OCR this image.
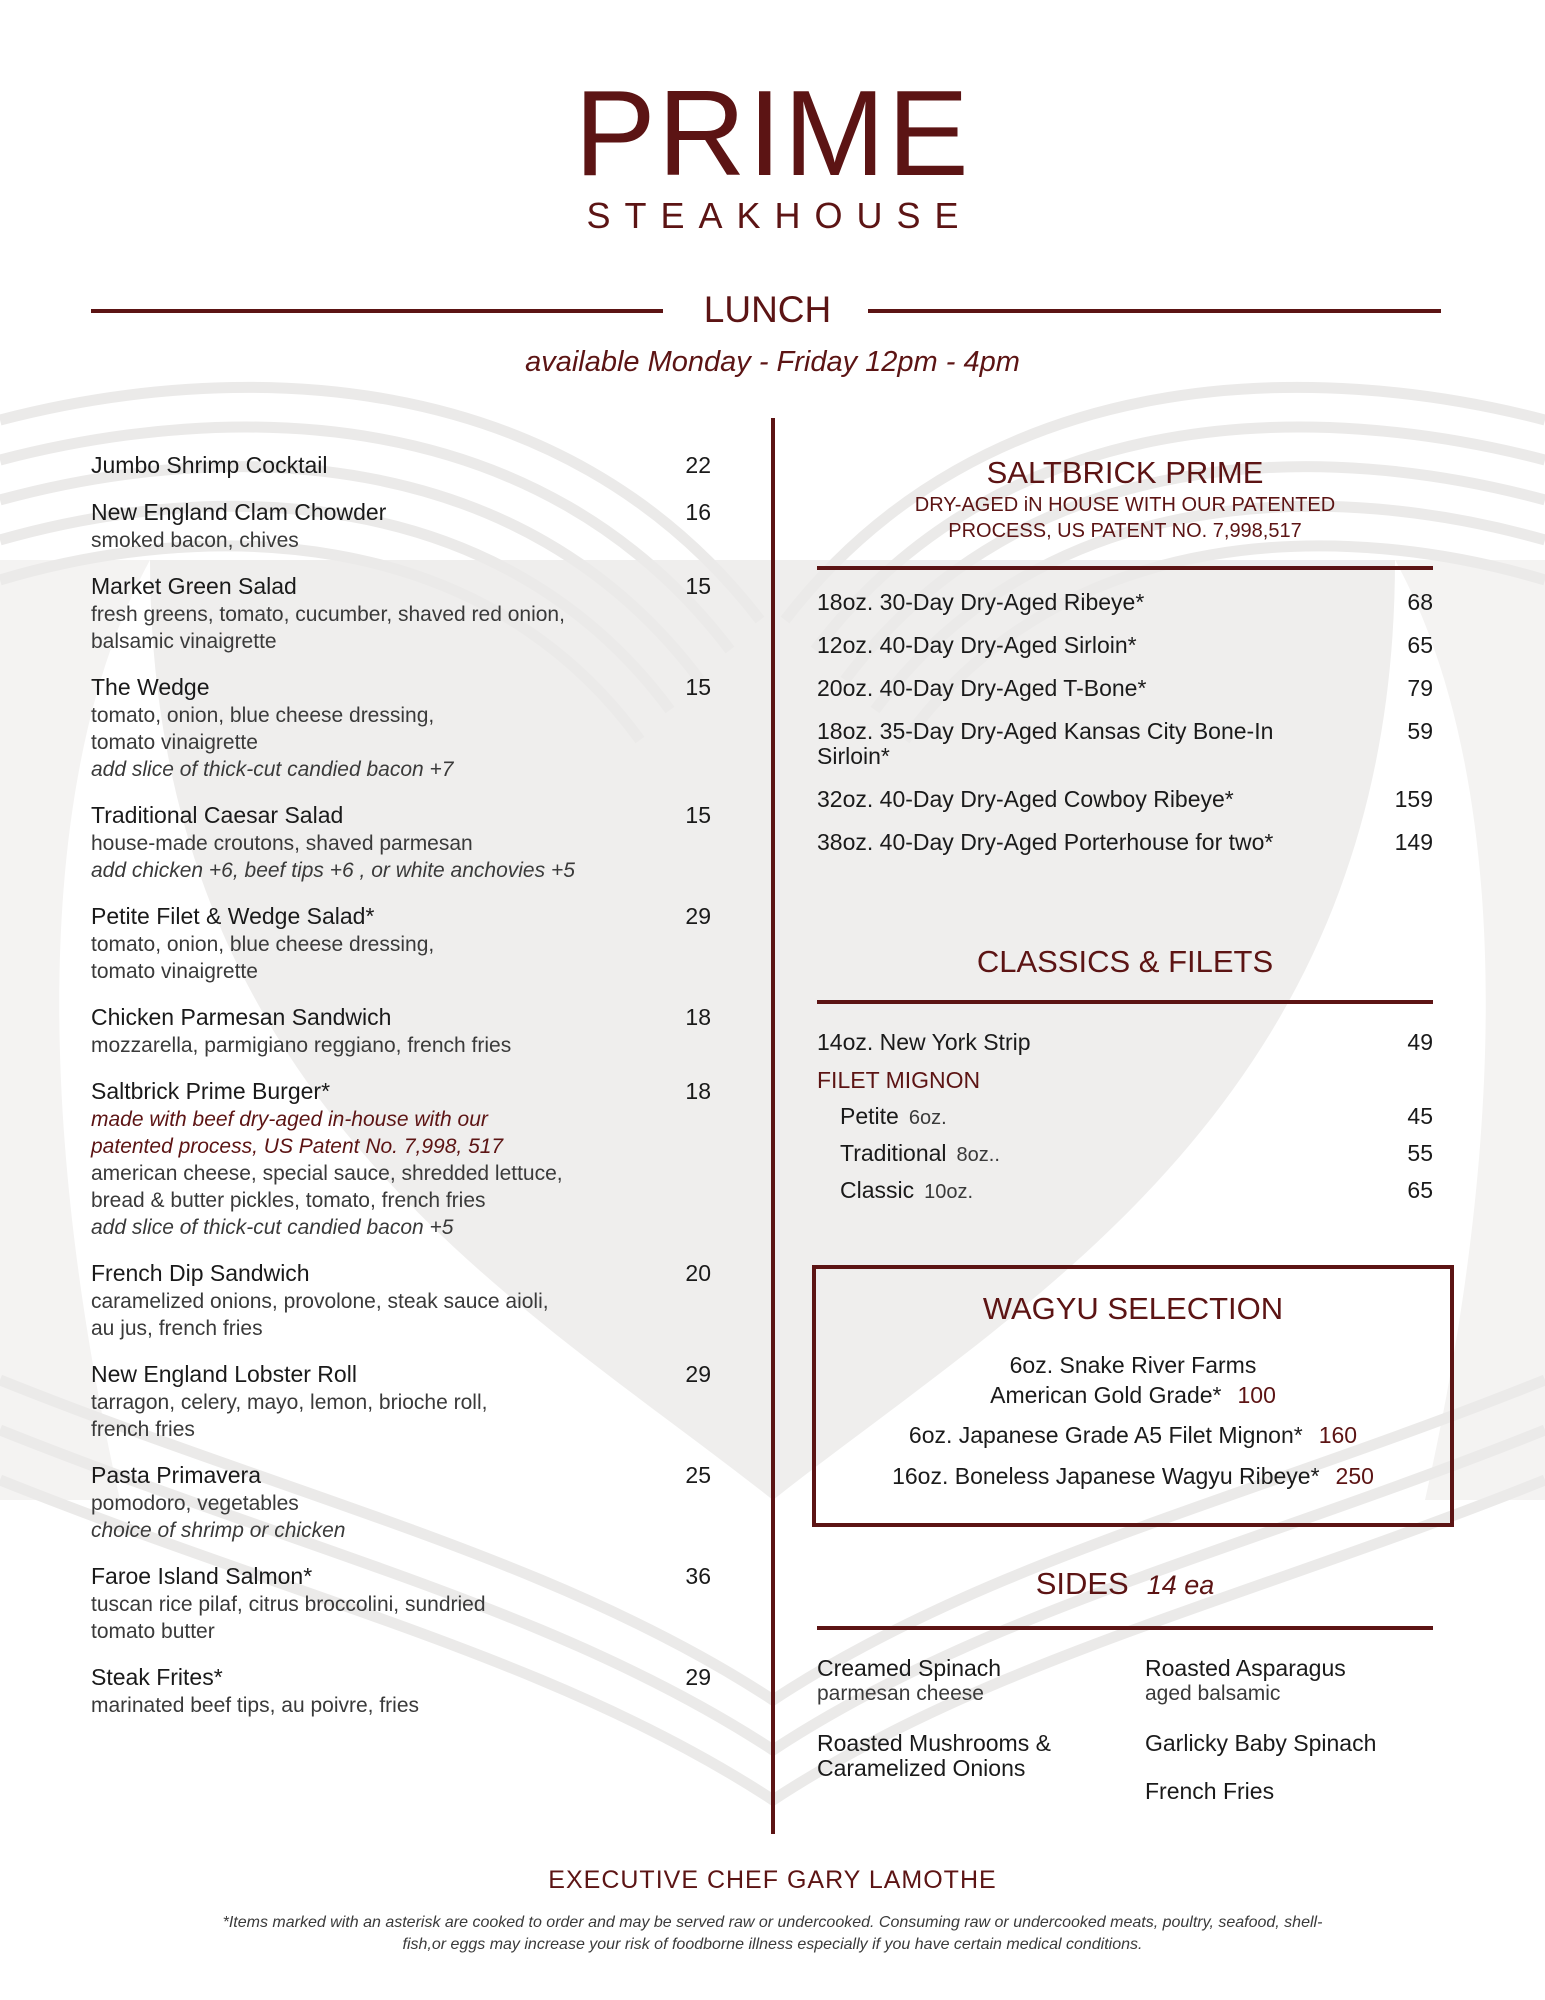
PRIME
STEAKHOUSE
LUNCH
available Monday - Friday 12pm - 4pm
Jumbo Shrimp Cocktail	22
New England Clam Chowder	16
smoked bacon, chives
Market Green Salad	15
fresh greens, tomato, cucumber, shaved red onion,
balsamic vinaigrette
The Wedge	15
tomato, onion, blue cheese dressing,
tomato vinaigrette
add slice of thick-cut candied bacon +7
Traditional Caesar Salad	15
house-made croutons, shaved parmesan
add chicken +6, beef tips +6 , or white anchovies +5
Petite Filet & Wedge Salad*	29
tomato, onion, blue cheese dressing,
tomato vinaigrette
Chicken Parmesan Sandwich	18
mozzarella, parmigiano reggiano, french fries
Saltbrick Prime Burger*	18
made with beef dry-aged in-house with our
patented process, US Patent No. 7,998, 517
american cheese, special sauce, shredded lettuce,
bread & butter pickles, tomato, french fries
add slice of thick-cut candied bacon +5
French Dip Sandwich	20
caramelized onions, provolone, steak sauce aioli,
au jus, french fries
New England Lobster Roll	29
tarragon, celery, mayo, lemon, brioche roll,
french fries
Pasta Primavera	25
pomodoro, vegetables
choice of shrimp or chicken
Faroe Island Salmon*	36
tuscan rice pilaf, citrus broccolini, sundried
tomato butter
Steak Frites*	29
marinated beef tips, au poivre, fries
SALTBRICK PRIME
DRY-AGED iN HOUSE WITH OUR PATENTED
PROCESS, US PATENT NO. 7,998,517
18oz. 30-Day Dry-Aged Ribeye*	68
12oz. 40-Day Dry-Aged Sirloin*	65
20oz. 40-Day Dry-Aged T-Bone*	79
18oz. 35-Day Dry-Aged Kansas City Bone-In Sirloin*
59
32oz. 40-Day Dry-Aged Cowboy Ribeye*	159
38oz. 40-Day Dry-Aged Porterhouse for two*	149
CLASSICS & FILETS
14oz. New York Strip	49
FILET MIGNON
Petite 6oz.	45
Traditional 8oz..	55
Classic 10oz.	65
WAGYU SELECTION
6oz. Snake River Farms
American Gold Grade* 100
6oz. Japanese Grade A5 Filet Mignon* 160
16oz. Boneless Japanese Wagyu Ribeye* 250
SIDES 14 ea
Creamed Spinach
parmesan cheese
Roasted Asparagus
aged balsamic
Roasted Mushrooms & Caramelized Onions
Garlicky Baby Spinach
French Fries
EXECUTIVE CHEF GARY LAMOTHE
*Items marked with an asterisk are cooked to order and may be served raw or undercooked. Consuming raw or undercooked meats, poultry, seafood, shell-
fish,or eggs may increase your risk of foodborne illness especially if you have certain medical conditions.
